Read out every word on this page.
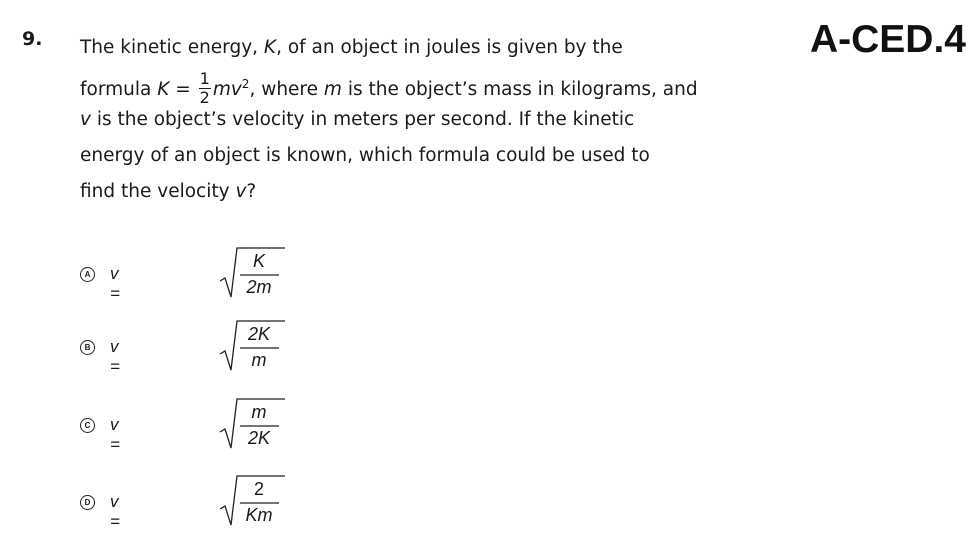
9.	A-CED.4
The kinetic energy, K, of an object in joules is given by the
formula $K = \frac{1}{2} mv^2$, where m is the object’s mass in kilograms, and
v is the object’s velocity in meters per second. If the kinetic
energy of an object is known, which formula could be used to
find the velocity v?
A v =
K
2m
B v =
2K
m
C v =
m
2K
D v =
2
Km
